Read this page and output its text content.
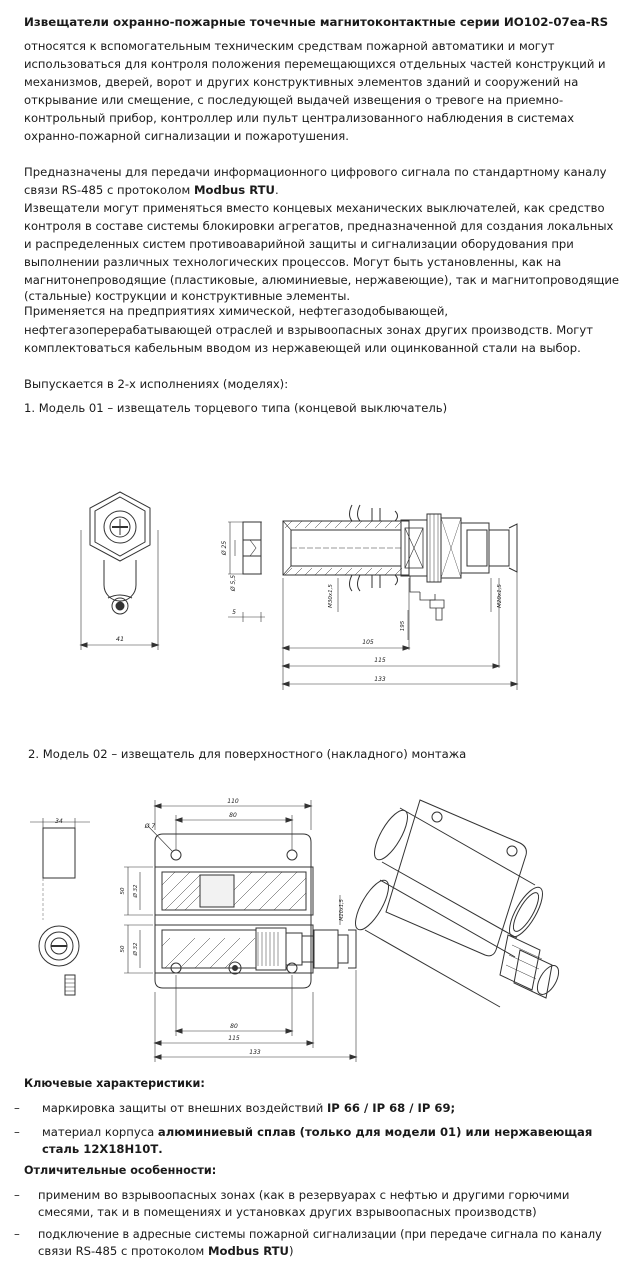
Извещатели охранно-пожарные точечные магнитоконтактные серии ИО102-07еа-RS
относятся к вспомогательным техническим средствам пожарной автоматики и могут
использоваться для контроля положения перемещающихся отдельных частей конструкций и
механизмов, дверей, ворот и других конструктивных элементов зданий и сооружений на
открывание или смещение, с последующей выдачей извещения о тревоге на приемно-
контрольный прибор, контроллер или пульт централизованного наблюдения в системах
охранно-пожарной сигнализации и пожаротушения.
Предназначены для передачи информационного цифрового сигнала по стандартному каналу
связи RS-485 с протоколом Modbus RTU.
Извещатели могут применяться вместо концевых механических выключателей, как средство
контроля в составе системы блокировки агрегатов, предназначенной для создания локальных
и распределенных систем противоаварийной защиты и сигнализации оборудования при
выполнении различных технологических процессов. Могут быть установленны, как на
магнитонепроводящие (пластиковые, алюминиевые, нержавеющие), так и магнитопроводящие
(стальные) кострукции и конструктивные элементы.
Применяется на предприятиях химической, нефтегазодобывающей,
нефтегазоперерабатывающей отраслей и взрывоопасных зонах других производств. Могут
комплектоваться кабельным вводом из нержавеющей или оцинкованной стали на выбор.
Выпускается в 2-х исполнениях (моделях):
1. Модель 01 – извещатель торцевого типа (концевой выключатель)
41
Ø 25
Ø 5,5
5
M30x1,5	M20x1,5
195
105
115
133
34
Ø 7
110
80
50 Ø 32
50 Ø 32
M20x1,5
80
115
133
2. Модель 02 – извещатель для поверхностного (накладного) монтажа
Ключевые характеристики:
– маркировка защиты от внешних воздействий IP 66 / IP 68 / IP 69;
– материал корпуса алюминиевый сплав (только для модели 01) или нержавеющая
сталь 12Х18Н10Т.
Отличительные особенности:
– применим во взрывоопасных зонах (как в резервуарах с нефтью и другими горючими
смесями, так и в помещениях и установках других взрывоопасных производств)
– подключение в адресные системы пожарной сигнализации (при передаче сигнала по каналу
связи RS-485 с протоколом Modbus RTU)
